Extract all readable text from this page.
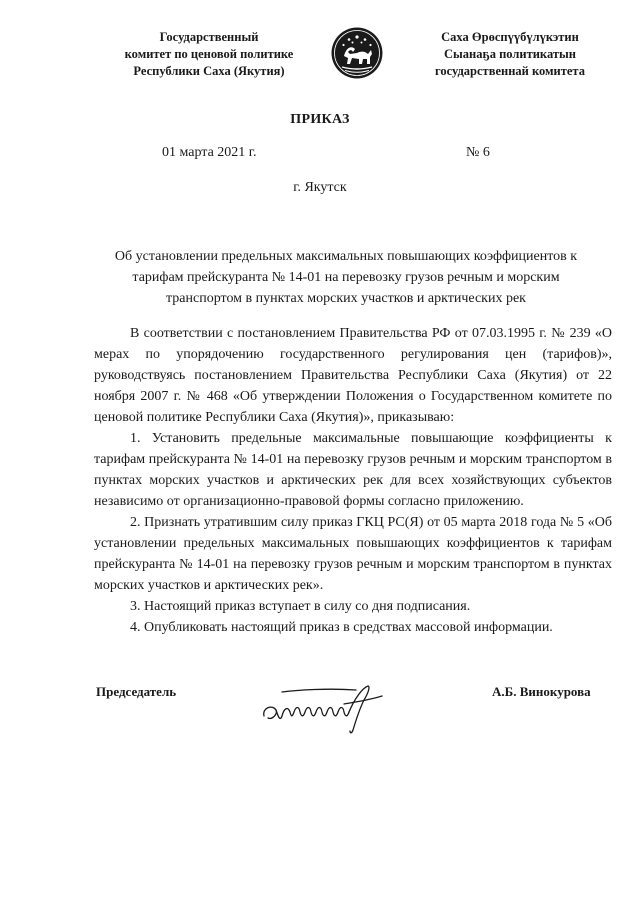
Государственный
комитет по ценовой политике
Республики Саха (Якутия)
Саха Өрөспүүбүлүкэтин
Сыанаҕа политикатын
государственнай комитета
ПРИКАЗ
01 марта 2021 г.	№ 6
г. Якутск
Об установлении предельных максимальных повышающих коэффициентов к тарифам прейскуранта № 14-01 на перевозку грузов речным и морским транспортом в пунктах морских участков и арктических рек

В соответствии с постановлением Правительства РФ от 07.03.1995 г. № 239 «О мерах по упорядочению государственного регулирования цен (тарифов)», руководствуясь постановлением Правительства Республики Саха (Якутия) от 22 ноября 2007 г. № 468 «Об утверждении Положения о Государственном комитете по ценовой политике Республики Саха (Якутия)», приказываю:

1. Установить предельные максимальные повышающие коэффициенты к тарифам прейскуранта № 14-01 на перевозку грузов речным и морским транспортом в пунктах морских участков и арктических рек для всех хозяйствующих субъектов независимо от организационно-правовой формы согласно приложению.

2. Признать утратившим силу приказ ГКЦ РС(Я) от 05 марта 2018 года № 5 «Об установлении предельных максимальных повышающих коэффициентов к тарифам прейскуранта № 14-01 на перевозку грузов речным и морским транспортом в пунктах морских участков и арктических рек».

3. Настоящий приказ вступает в силу со дня подписания.

4. Опубликовать настоящий приказ в средствах массовой информации.

Председатель	А.Б. Винокурова
